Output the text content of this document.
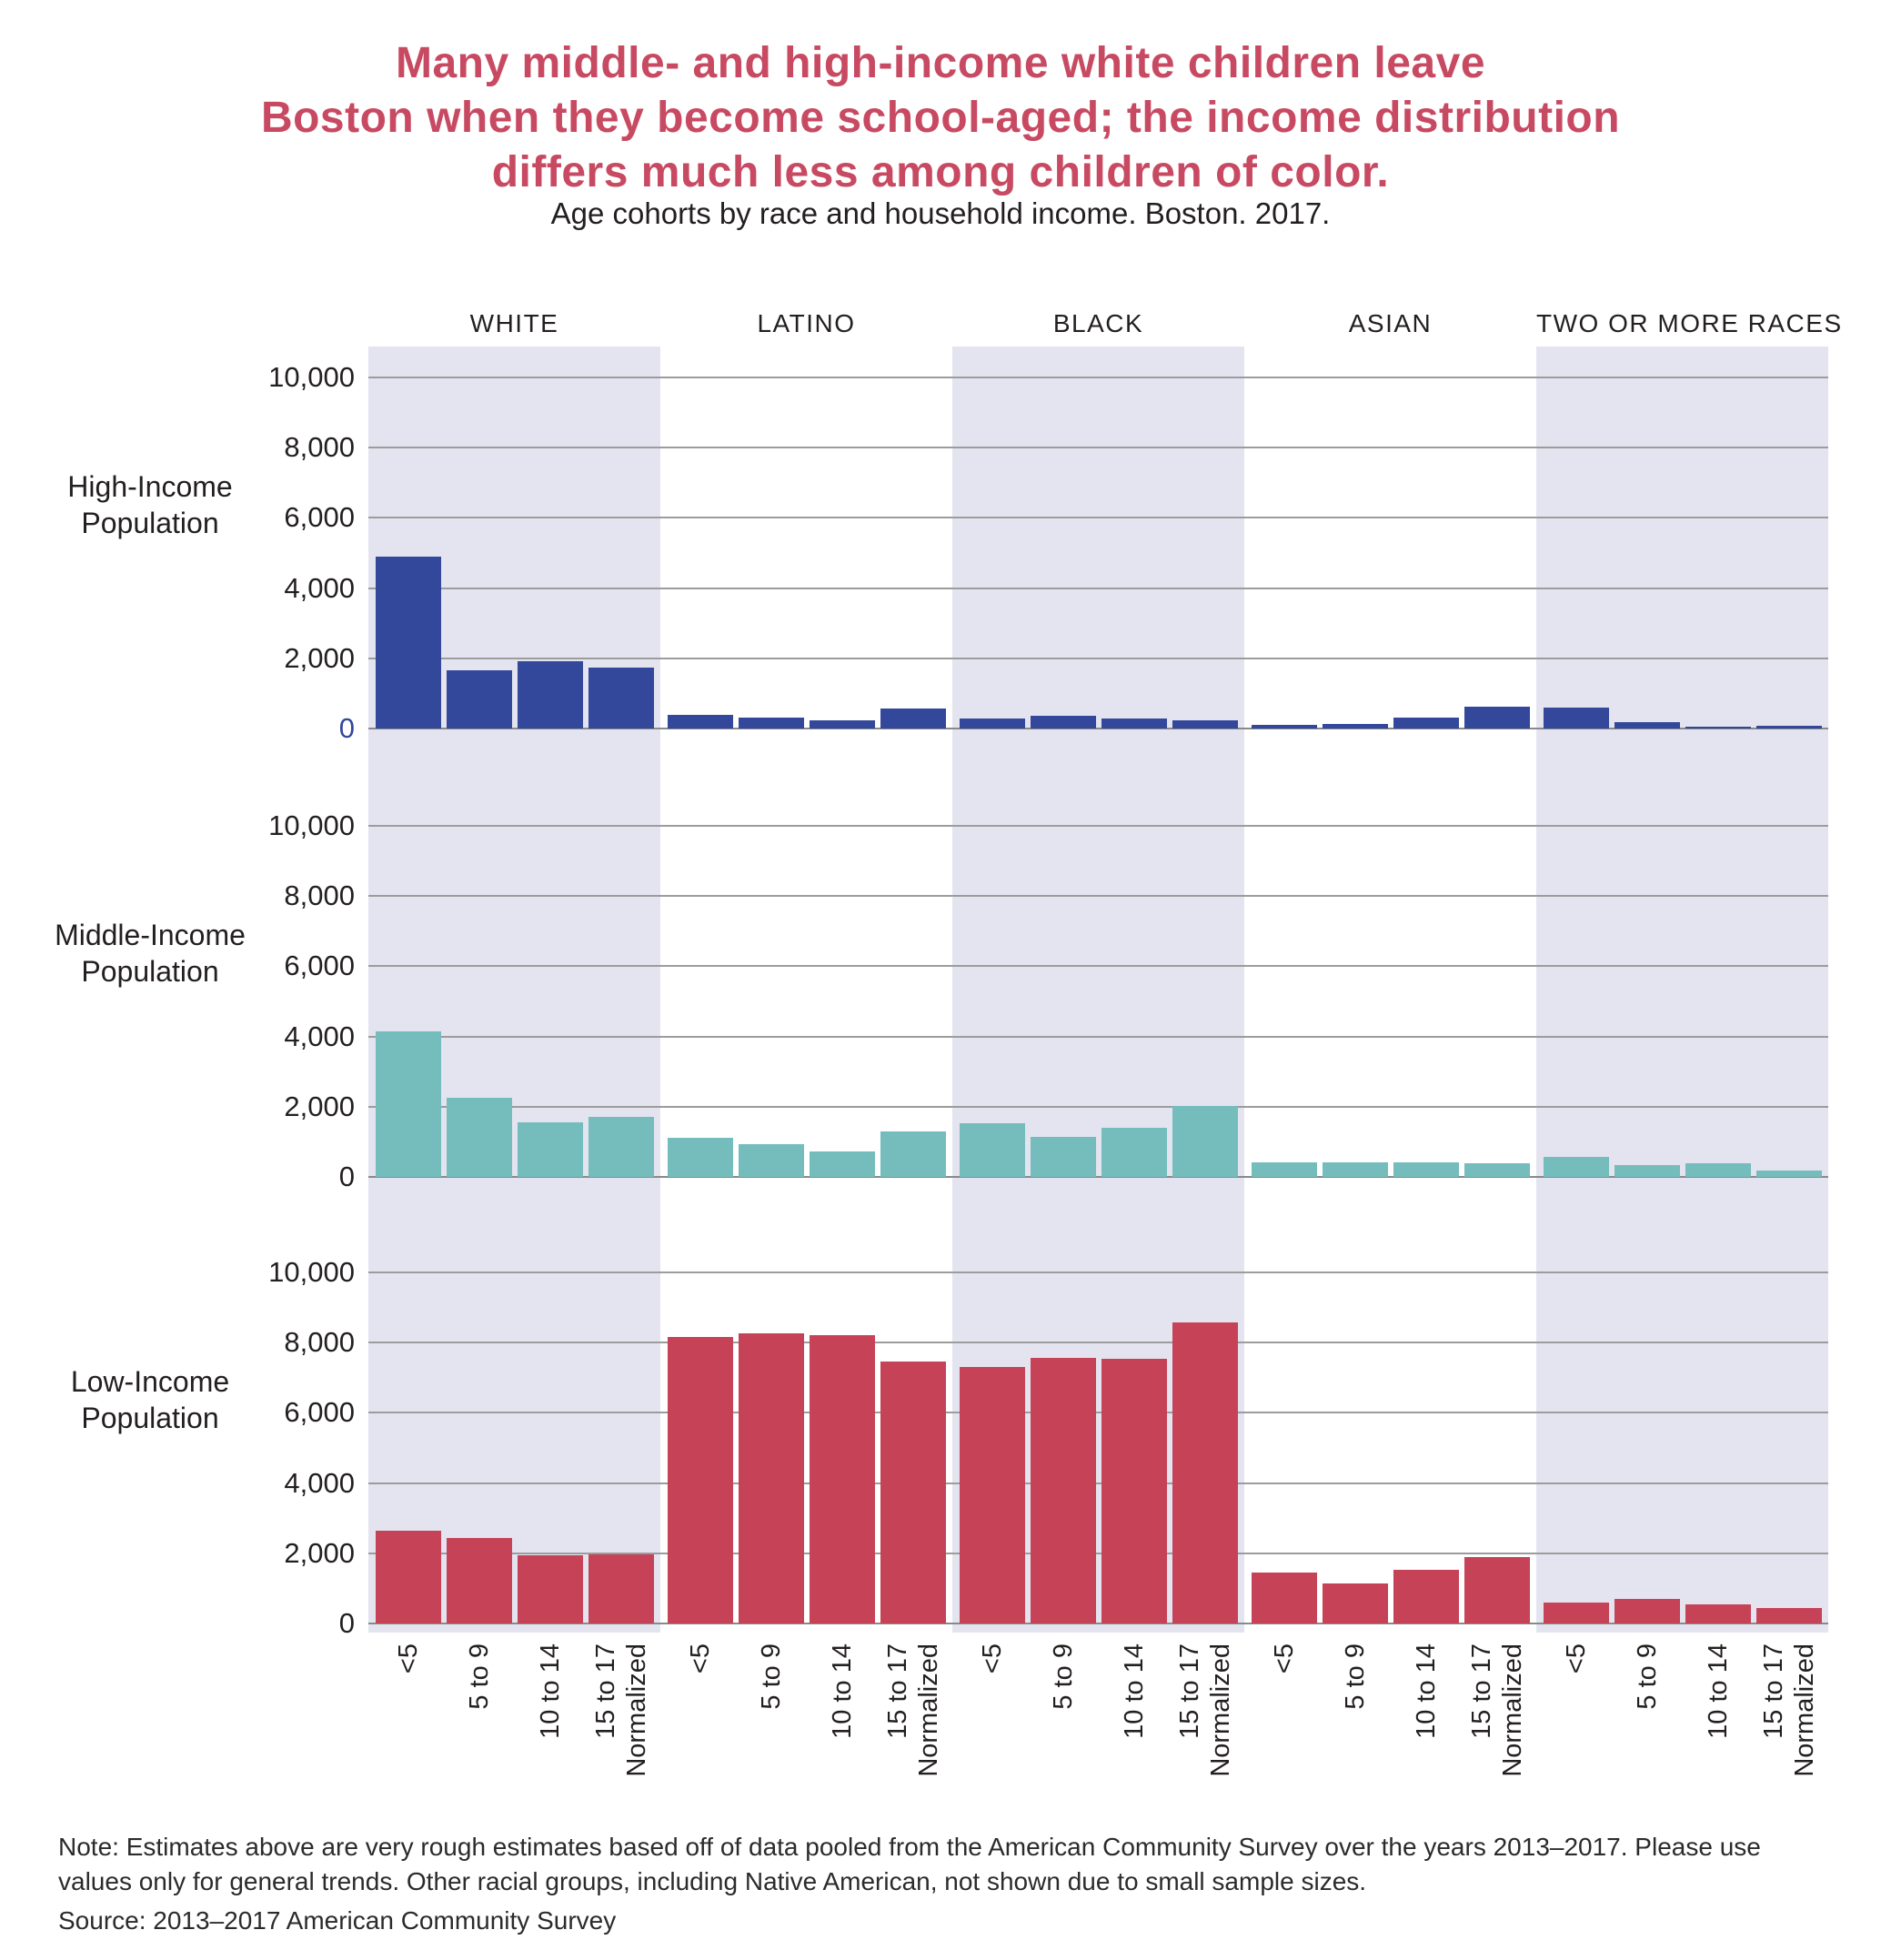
Many middle- and high-income white children leave
Boston when they become school-aged; the income distribution
differs much less among children of color.
Age cohorts by race and household income. Boston. 2017.
WHITE	LATINO	BLACK	ASIAN	TWO OR MORE RACES
10,000
8,000
6,000
4,000
2,000
0
High-Income
Population
10,000
8,000
6,000
4,000
2,000
0
Middle-Income
Population
10,000
8,000
6,000
4,000
2,000
0
Low-Income
Population
<5 5 to 9 10 to 14 15 to 17 Normalized <5 5 to 9 10 to 14 15 to 17 Normalized <5 5 to 9 10 to 14 15 to 17 Normalized <5 5 to 9 10 to 14 15 to 17 Normalized <5 5 to 9 10 to 14 15 to 17 Normalized
Note: Estimates above are very rough estimates based off of data pooled from the American Community Survey over the years 2013–2017. Please use values only for general trends. Other racial groups, including Native American, not shown due to small sample sizes.
Source: 2013–2017 American Community Survey
